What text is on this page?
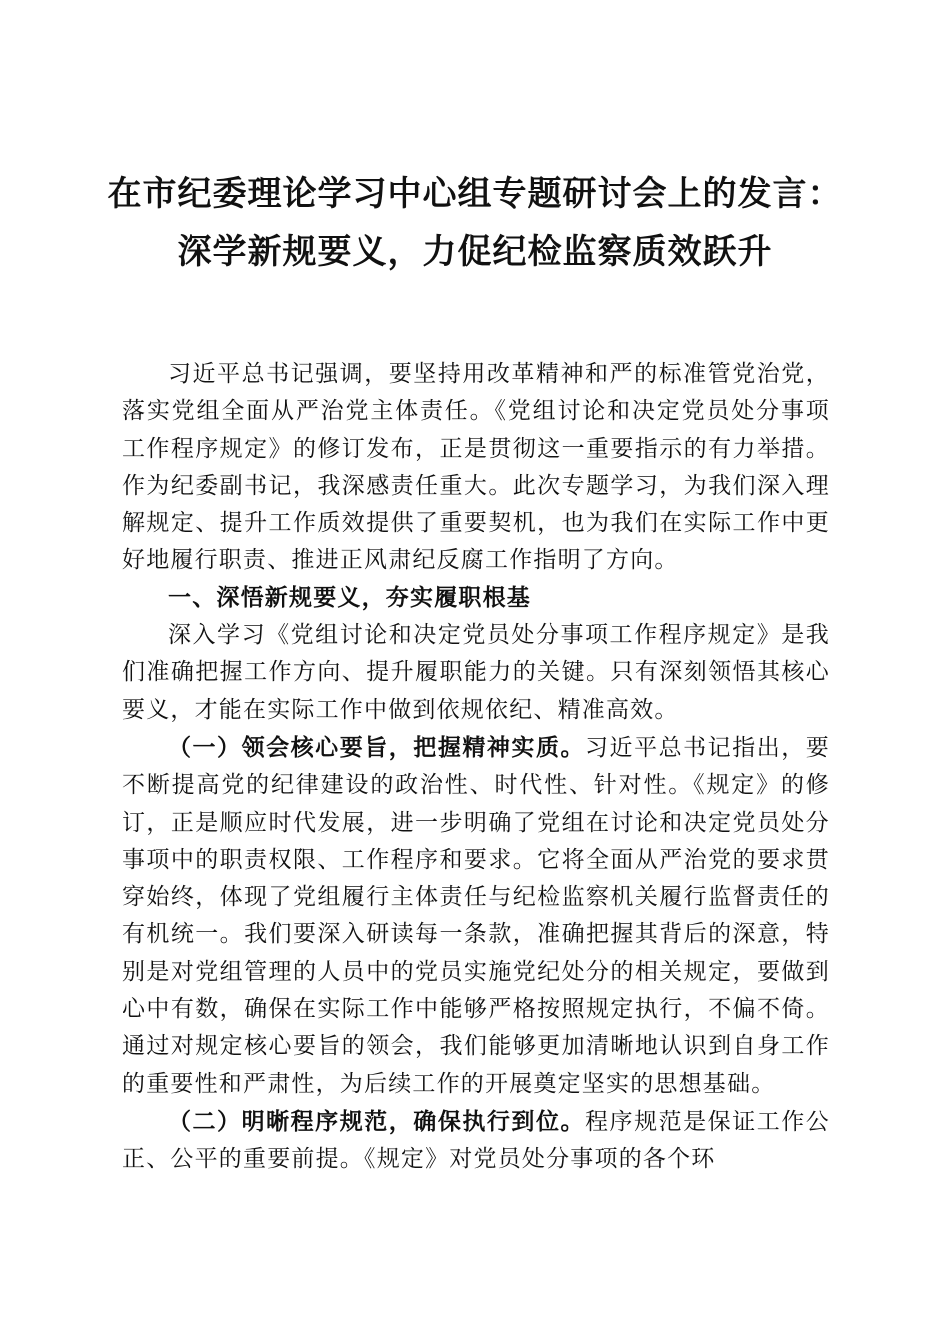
在市纪委理论学习中心组专题研讨会上的发言：
深学新规要义，力促纪检监察质效跃升

习近平总书记强调，要坚持用改革精神和严的标准管党治党，落实党组全面从严治党主体责任。《党组讨论和决定党员处分事项工作程序规定》的修订发布，正是贯彻这一重要指示的有力举措。作为纪委副书记，我深感责任重大。此次专题学习，为我们深入理解规定、提升工作质效提供了重要契机，也为我们在实际工作中更好地履行职责、推进正风肃纪反腐工作指明了方向。

一、深悟新规要义，夯实履职根基

深入学习《党组讨论和决定党员处分事项工作程序规定》是我们准确把握工作方向、提升履职能力的关键。只有深刻领悟其核心要义，才能在实际工作中做到依规依纪、精准高效。

（一）领会核心要旨，把握精神实质。习近平总书记指出，要不断提高党的纪律建设的政治性、时代性、针对性。《规定》的修订，正是顺应时代发展，进一步明确了党组在讨论和决定党员处分事项中的职责权限、工作程序和要求。它将全面从严治党的要求贯穿始终，体现了党组履行主体责任与纪检监察机关履行监督责任的有机统一。我们要深入研读每一条款，准确把握其背后的深意，特别是对党组管理的人员中的党员实施党纪处分的相关规定，要做到心中有数，确保在实际工作中能够严格按照规定执行，不偏不倚。通过对规定核心要旨的领会，我们能够更加清晰地认识到自身工作的重要性和严肃性，为后续工作的开展奠定坚实的思想基础。

（二）明晰程序规范，确保执行到位。程序规范是保证工作公正、公平的重要前提。《规定》对党员处分事项的各个环
